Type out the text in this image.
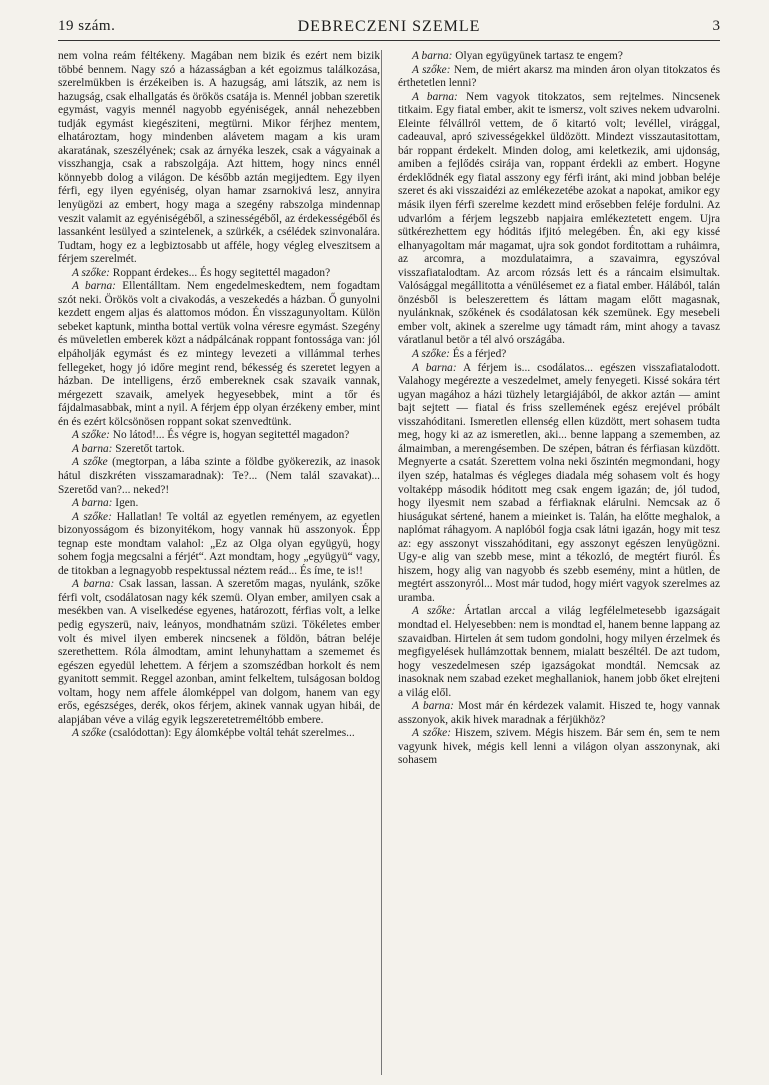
19 szám.	DEBRECZENI SZEMLE	3

nem volna reám féltékeny. Magában nem bizik és ezért nem bizik többé bennem. Nagy szó a házasságban a két egoizmus találkozása, szerelmükben is érzékeiben is. A hazugság, ami látszik, az nem is hazugság, csak elhallgatás és örökös csatája is. Mennél jobban szeretik egymást, vagyis mennél nagyobb egyéniségek, annál nehezebben tudják egymást kiegésziteni, megtürni. Mikor férjhez mentem, elhatároztam, hogy mindenben alávetem magam a kis uram akaratának, szeszélyének; csak az árnyéka leszek, csak a vágyainak a visszhangja, csak a rabszolgája. Azt hittem, hogy nincs ennél könnyebb dolog a világon. De később aztán megijedtem. Egy ilyen férfi, egy ilyen egyéniség, olyan hamar zsarnokivá lesz, annyira lenyügözi az embert, hogy maga a szegény rabszolga mindennap veszit valamit az egyéniségéből, a szinességéből, az érdekességéből és lassanként lesülyed a szintelenek, a szürkék, a csélédek szinvonalára. Tudtam, hogy ez a legbiztosabb ut afféle, hogy végleg elveszitsem a férjem szerelmét.

A szőke: Roppant érdekes... És hogy segitettél magadon?

A barna: Ellentálltam. Nem engedelmeskedtem, nem fogadtam szót neki. Örökös volt a civakodás, a veszekedés a házban. Ő gunyolni kezdett engem aljas és alattomos módon. Én visszagunyoltam. Külön sebeket kaptunk, mintha bottal vertük volna véresre egymást. Szegény és müveletlen emberek közt a nádpálcának roppant fontossága van: jól elpáholják egymást és ez mintegy levezeti a villámmal terhes fellegeket, hogy jó időre megint rend, békesség és szeretet legyen a házban. De intelligens, érző embereknek csak szavaik vannak, mérgezett szavaik, amelyek hegyesebbek, mint a tőr és fájdalmasabbak, mint a nyil. A férjem épp olyan érzékeny ember, mint én és ezért kölcsönösen roppant sokat szenvedtünk.

A szőke: No látod!... És végre is, hogyan segitettél magadon?

A barna: Szeretőt tartok.

A szőke (megtorpan, a lába szinte a földbe gyökerezik, az inasok hátul diszkréten visszamaradnak): Te?... (Nem talál szavakat)... Szeretőd van?... neked?!

A barna: Igen.

A szőke: Hallatlan! Te voltál az egyetlen reményem, az egyetlen bizonyosságom és bizonyitékom, hogy vannak hü asszonyok. Épp tegnap este mondtam valahol: „Ez az Olga olyan együgyü, hogy sohem fogja megcsalni a férjét“. Azt mondtam, hogy „együgyü“ vagy, de titokban a legnagyobb respektussal néztem reád... És íme, te is!!

A barna: Csak lassan, lassan. A szeretőm magas, nyulánk, szőke férfi volt, csodálatosan nagy kék szemü. Olyan ember, amilyen csak a mesékben van. A viselkedése egyenes, határozott, férfias volt, a lelke pedig egyszerü, naiv, leányos, mondhatnám szüzi. Tökéletes ember volt és mivel ilyen emberek nincsenek a földön, bátran beléje szerethettem. Róla álmodtam, amint lehunyhattam a szememet és egészen egyedül lehettem. A férjem a szomszédban horkolt és nem gyanitott semmit. Reggel azonban, amint felkeltem, tulságosan boldog voltam, hogy nem affele álomképpel van dolgom, hanem van egy erős, egészséges, derék, okos férjem, akinek vannak ugyan hibái, de alapjában véve a világ egyik legszeretetreméltóbb embere.

A szőke (csalódottan): Egy álomképbe voltál tehát szerelmes...

A barna: Olyan együgyünek tartasz te engem?

A szőke: Nem, de miért akarsz ma minden áron olyan titokzatos és érthetetlen lenni?

A barna: Nem vagyok titokzatos, sem rejtelmes. Nincsenek titkaim. Egy fiatal ember, akit te ismersz, volt szives nekem udvarolni. Eleinte félvállról vettem, de ő kitartó volt; levéllel, virággal, cadeauval, apró szivességekkel üldözött. Mindezt visszautasitottam, bár roppant érdekelt. Minden dolog, ami keletkezik, ami ujdonság, amiben a fejlődés csirája van, roppant érdekli az embert. Hogyne érdeklődnék egy fiatal asszony egy férfi iránt, aki mind jobban beléje szeret és aki visszaidézi az emlékezetébe azokat a napokat, amikor egy másik ilyen férfi szerelme kezdett mind erősebben feléje fordulni. Az udvarlóm a férjem legszebb napjaira emlékeztetett engem. Ujra sütkérezhettem egy hóditás ifjitó melegében. Én, aki egy kissé elhanyagoltam már magamat, ujra sok gondot forditottam a ruháimra, az arcomra, a mozdulataimra, a szavaimra, egyszóval visszafiatalodtam. Az arcom rózsás lett és a ráncaim elsimultak. Valósággal megállitotta a vénülésemet ez a fiatal ember. Hálából, talán önzésből is beleszerettem és láttam magam előtt magasnak, nyulánknak, szőkének és csodálatosan kék szemünek. Egy mesebeli ember volt, akinek a szerelme ugy támadt rám, mint ahogy a tavasz váratlanul betör a tél alvó országába.

A szőke: És a férjed?

A barna: A férjem is... csodálatos... egészen visszafiatalodott. Valahogy megérezte a veszedelmet, amely fenyegeti. Kissé sokára tért ugyan magához a házi tüzhely letargiájából, de akkor aztán — amint bajt sejtett — fiatal és friss szellemének egész erejével próbált visszahóditani. Ismeretlen ellenség ellen küzdött, mert sohasem tudta meg, hogy ki az az ismeretlen, aki... benne lappang a szememben, az álmaimban, a merengésemben. De szépen, bátran és férfiasan küzdött. Megnyerte a csatát. Szerettem volna neki őszintén megmondani, hogy ilyen szép, hatalmas és végleges diadala még sohasem volt és hogy voltaképp második hóditott meg csak engem igazán; de, jól tudod, hogy ilyesmit nem szabad a férfiaknak elárulni. Nemcsak az ő hiuságukat sértené, hanem a mieinket is. Talán, ha előtte meghalok, a naplómat ráhagyom. A naplóból fogja csak látni igazán, hogy mit tesz az: egy asszonyt visszahóditani, egy asszonyt egészen lenyügözni. Ugy-e alig van szebb mese, mint a tékozló, de megtért fiuról. És hiszem, hogy alig van nagyobb és szebb esemény, mint a hütlen, de megtért asszonyról... Most már tudod, hogy miért vagyok szerelmes az uramba.

A szőke: Ártatlan arccal a világ legfélelmetesebb igazságait mondtad el. Helyesebben: nem is mondtad el, hanem benne lappang az szavaidban. Hirtelen át sem tudom gondolni, hogy milyen érzelmek és megfigyelések hullámzottak bennem, mialatt beszéltél. De azt tudom, hogy veszedelmesen szép igazságokat mondtál. Nemcsak az inasoknak nem szabad ezeket meghallaniok, hanem jobb őket elrejteni a világ elől.

A barna: Most már én kérdezek valamit. Hiszed te, hogy vannak asszonyok, akik hivek maradnak a férjükhöz?

A szőke: Hiszem, szivem. Mégis hiszem. Bár sem én, sem te nem vagyunk hivek, mégis kell lenni a világon olyan asszonynak, aki sohasem
